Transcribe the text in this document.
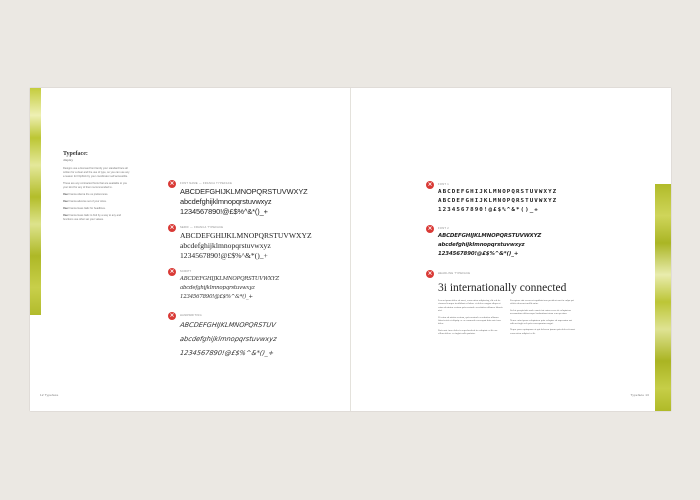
Typeface:
display

Designs use a licensed font family your standard face all written for a clear and the use of type, so you can use any a reason for FlipKick by your coordinator self accessible.

These are any contracted fonts that are available to you your kind for any of them recommended to.

Use Franca ulterna the us preferences.

Use Franca adverse set of your sizes.

Use Franca Gass Italic for headlines.

Use Franca Gass Italic to find by a way to any and functions use other set your values.

×	FONT NAME — FRANCA TYPEFACE
ABCDEFGHIJKLMNOPQRSTUVWXYZ
abcdefghijklmnopqrstuvwxyz
1234567890!@£$%^&*()_+
×	SERIF — FRANCA TYPEFACE
ABCDEFGHIJKLMNOPQRSTUVWXYZ
abcdefghijklmnopqrstuvwxyz
1234567890!@£$%^&*()_+
×	SCRIPT
ABCDEFGHIJKLMNOPQRSTUVWXYZ
abcdefghijklmnopqrstuvwxyz
1234567890!@£$%^&*()_+
×	HANDWRITING
ABCDEFGHIJKLMNOPQRSTUV
abcdefghijklmnopqrstuvwxyz
1234567890!@£$%^&*()_+
12 Typeface
×	FONT 1
ABCDEFGHIJKLMNOPQRSTUVWXYZ
ABCDEFGHIJKLMNOPQRSTUVWXYZ
1234567890!@£$%^&*()_+
×	FONT 2
ABCDEFGHIJKLMNOPQRSTUVWXYZ
abcdefghijklmnopqrstuvwxyz
1234567890!@£$%^&*()_+
×	HEADLINE TYPEFACE
3i internationally connected

Lorem ipsum dolor sit amet, consectetur adipiscing elit sed do eiusmod tempor incididunt ut labore et dolore magna aliqua ut enim ad minim veniam quis nostrud exercitation ullamco laboris nisi.

Ut enim ad minim veniam, quis nostrud exercitation ullamco laboris nisi ut aliquip ex ea commodo consequat duis aute irure dolor.

Duis aute irure dolor in reprehenderit in voluptate velit esse cillum dolore eu fugiat nulla pariatur.

Excepteur sint occaecat cupidatat non proident sunt in culpa qui officia deserunt mollit anim.

Sed ut perspiciatis unde omnis iste natus error sit voluptatem accusantium doloremque laudantium totam rem aperiam.

Nemo enim ipsam voluptatem quia voluptas sit aspernatur aut odit aut fugit sed quia consequuntur magni.

Neque porro quisquam est qui dolorem ipsum quia dolor sit amet consectetur adipisci velit.

Typeface 13
